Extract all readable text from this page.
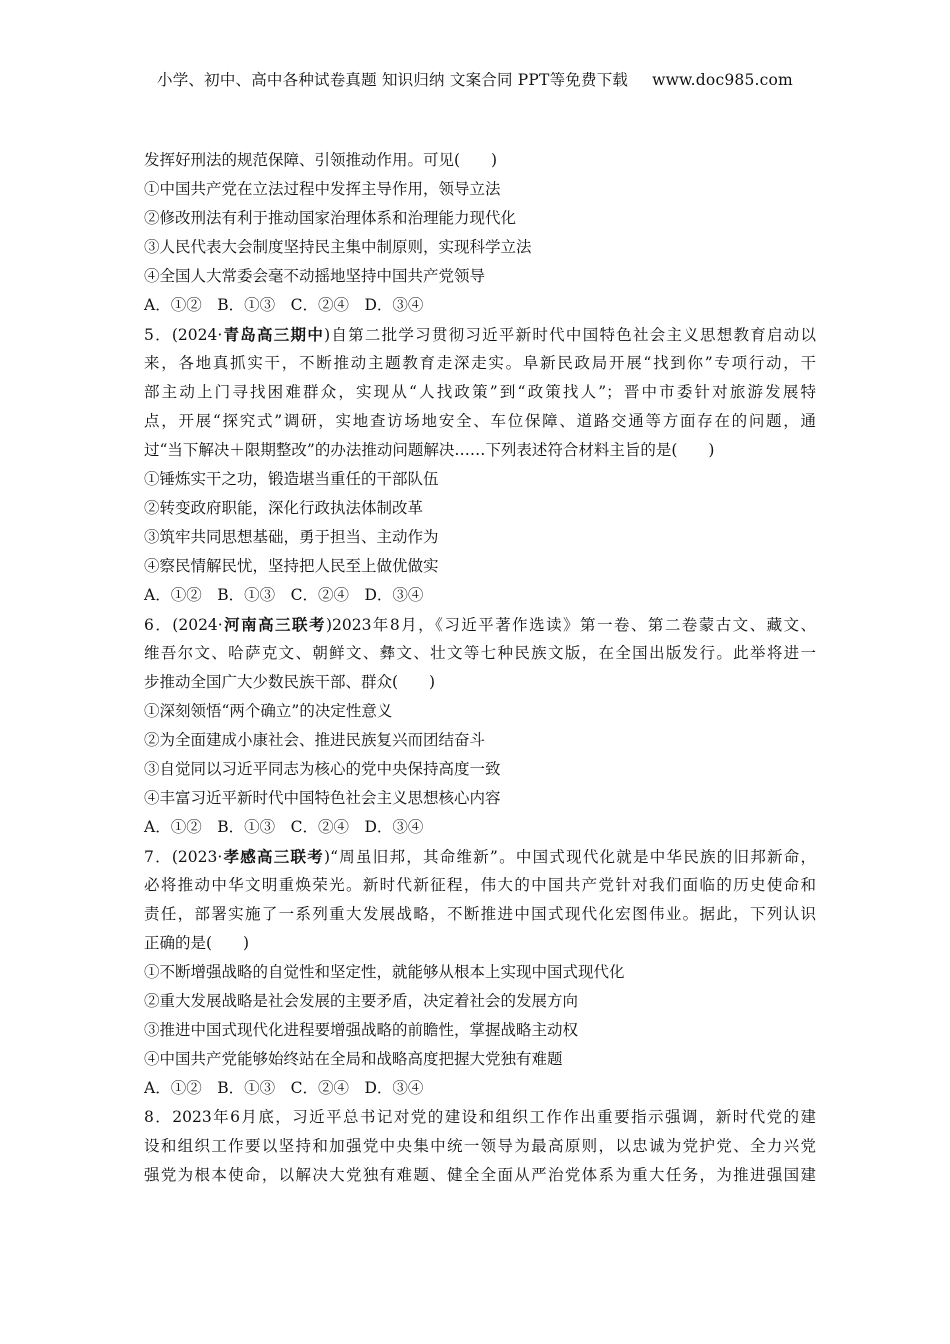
小学、初中、高中各种试卷真题 知识归纳 文案合同 PPT等免费下载 www.doc985.com
发挥好刑法的规范保障、引领推动作用。可见(　　)
①中国共产党在立法过程中发挥主导作用，领导立法
②修改刑法有利于推动国家治理体系和治理能力现代化
③人民代表大会制度坚持民主集中制原则，实现科学立法
④全国人大常委会毫不动摇地坚持中国共产党领导
A．①②　B．①③　C．②④　D．③④
5．(2024·青岛高三期中)自第二批学习贯彻习近平新时代中国特色社会主义思想教育启动以
来，各地真抓实干，不断推动主题教育走深走实。阜新民政局开展“找到你”专项行动，干
部主动上门寻找困难群众，实现从“人找政策”到“政策找人”；晋中市委针对旅游发展特
点，开展“探究式”调研，实地查访场地安全、车位保障、道路交通等方面存在的问题，通
过“当下解决＋限期整改”的办法推动问题解决……下列表述符合材料主旨的是(　　)
①锤炼实干之功，锻造堪当重任的干部队伍
②转变政府职能，深化行政执法体制改革
③筑牢共同思想基础，勇于担当、主动作为
④察民情解民忧，坚持把人民至上做优做实
A．①②　B．①③　C．②④　D．③④
6．(2024·河南高三联考)2023年8月，《习近平著作选读》第一卷、第二卷蒙古文、藏文、
维吾尔文、哈萨克文、朝鲜文、彝文、壮文等七种民族文版，在全国出版发行。此举将进一
步推动全国广大少数民族干部、群众(　　)
①深刻领悟“两个确立”的决定性意义
②为全面建成小康社会、推进民族复兴而团结奋斗
③自觉同以习近平同志为核心的党中央保持高度一致
④丰富习近平新时代中国特色社会主义思想核心内容
A．①②　B．①③　C．②④　D．③④
7．(2023·孝感高三联考)“周虽旧邦，其命维新”。中国式现代化就是中华民族的旧邦新命，
必将推动中华文明重焕荣光。新时代新征程，伟大的中国共产党针对我们面临的历史使命和
责任，部署实施了一系列重大发展战略，不断推进中国式现代化宏图伟业。据此，下列认识
正确的是(　　)
①不断增强战略的自觉性和坚定性，就能够从根本上实现中国式现代化
②重大发展战略是社会发展的主要矛盾，决定着社会的发展方向
③推进中国式现代化进程要增强战略的前瞻性，掌握战略主动权
④中国共产党能够始终站在全局和战略高度把握大党独有难题
A．①②　B．①③　C．②④　D．③④
8．2023年6月底，习近平总书记对党的建设和组织工作作出重要指示强调，新时代党的建
设和组织工作要以坚持和加强党中央集中统一领导为最高原则，以忠诚为党护党、全力兴党
强党为根本使命，以解决大党独有难题、健全全面从严治党体系为重大任务，为推进强国建
